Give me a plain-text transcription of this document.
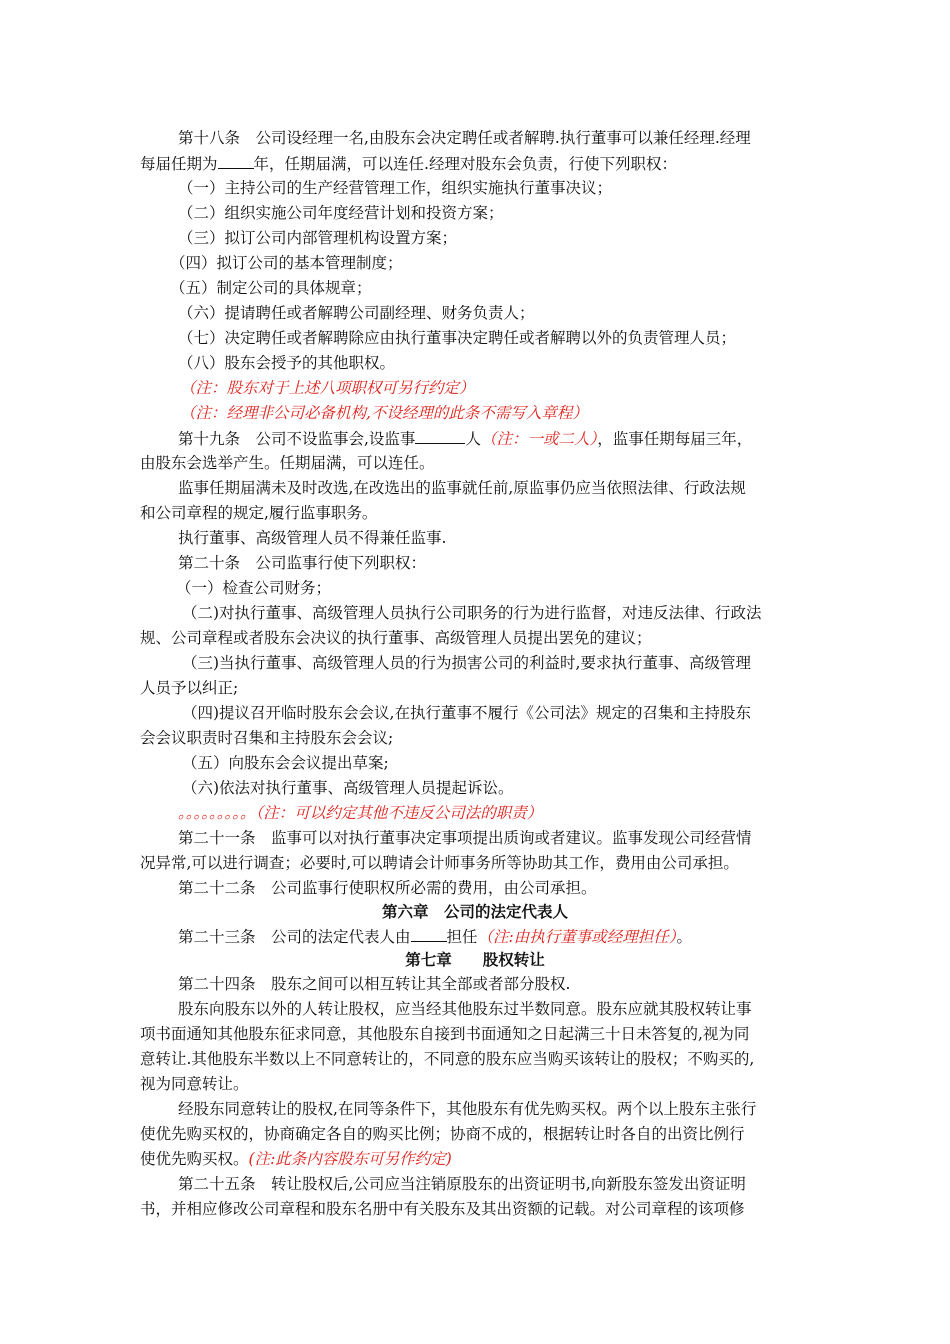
第十八条　公司设经理一名,由股东会决定聘任或者解聘.执行董事可以兼任经理.经理
每届任期为 年，任期届满，可以连任.经理对股东会负责，行使下列职权：
（一）主持公司的生产经营管理工作，组织实施执行董事决议；
（二）组织实施公司年度经营计划和投资方案；
（三）拟订公司内部管理机构设置方案；
（四）拟订公司的基本管理制度；
（五）制定公司的具体规章；
（六）提请聘任或者解聘公司副经理、财务负责人；
（七）决定聘任或者解聘除应由执行董事决定聘任或者解聘以外的负责管理人员；
（八）股东会授予的其他职权。
（注：股东对于上述八项职权可另行约定）
（注：经理非公司必备机构,不设经理的此条不需写入章程）
第十九条　公司不设监事会,设监事	人（注：一或二人），监事任期每届三年，
由股东会选举产生。任期届满，可以连任。
监事任期届满未及时改选,在改选出的监事就任前,原监事仍应当依照法律、行政法规
和公司章程的规定,履行监事职务。
执行董事、高级管理人员不得兼任监事.
第二十条　公司监事行使下列职权：
（一）检查公司财务；
（二)对执行董事、高级管理人员执行公司职务的行为进行监督，对违反法律、行政法
规、公司章程或者股东会决议的执行董事、高级管理人员提出罢免的建议；
（三)当执行董事、高级管理人员的行为损害公司的利益时,要求执行董事、高级管理
人员予以纠正;
（四)提议召开临时股东会会议,在执行董事不履行《公司法》规定的召集和主持股东
会会议职责时召集和主持股东会会议;
（五）向股东会会议提出草案;
（六)依法对执行董事、高级管理人员提起诉讼。
。。。。。。。。。（注：可以约定其他不违反公司法的职责）
第二十一条　监事可以对执行董事决定事项提出质询或者建议。监事发现公司经营情
况异常,可以进行调查；必要时,可以聘请会计师事务所等协助其工作，费用由公司承担。
第二十二条　公司监事行使职权所必需的费用，由公司承担。
第六章　公司的法定代表人
第二十三条　公司的法定代表人由 担任（注:由执行董事或经理担任）。
第七章　　股权转让
第二十四条　股东之间可以相互转让其全部或者部分股权.
股东向股东以外的人转让股权，应当经其他股东过半数同意。股东应就其股权转让事
项书面通知其他股东征求同意，其他股东自接到书面通知之日起满三十日未答复的,视为同
意转让.其他股东半数以上不同意转让的，不同意的股东应当购买该转让的股权；不购买的,
视为同意转让。
经股东同意转让的股权,在同等条件下，其他股东有优先购买权。两个以上股东主张行
使优先购买权的，协商确定各自的购买比例；协商不成的，根据转让时各自的出资比例行
使优先购买权。(注:此条内容股东可另作约定)
第二十五条　转让股权后,公司应当注销原股东的出资证明书,向新股东签发出资证明
书，并相应修改公司章程和股东名册中有关股东及其出资额的记载。对公司章程的该项修
